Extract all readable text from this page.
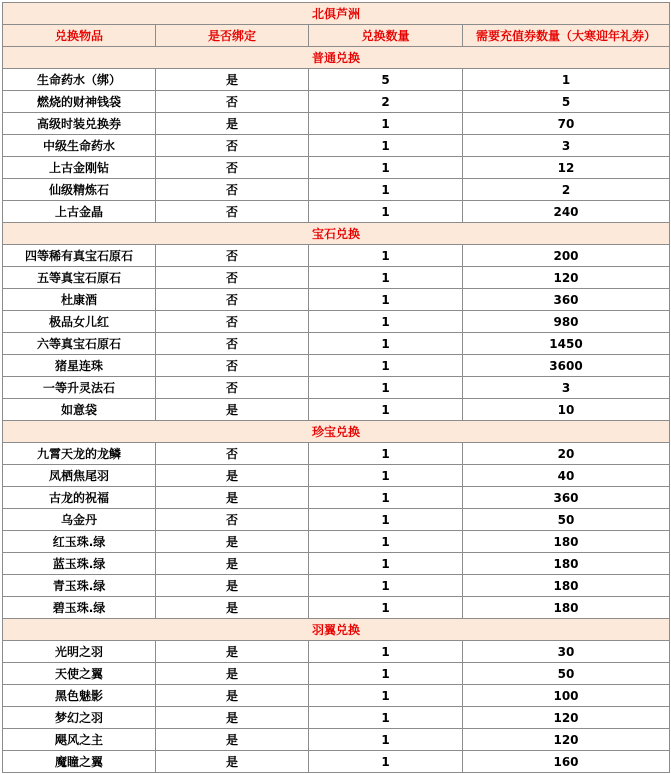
北俱芦洲			
兑换物品	是否绑定	兑换数量	需要充值券数量（大寒迎年礼券）
普通兑换			
生命药水（绑）	是	5	1
燃烧的财神钱袋	否	2	5
高级时装兑换券	是	1	70
中级生命药水	否	1	3
上古金刚钻	否	1	12
仙级精炼石	否	1	2
上古金晶	否	1	240
宝石兑换			
四等稀有真宝石原石	否	1	200
五等真宝石原石	否	1	120
杜康酒	否	1	360
极品女儿红	否	1	980
六等真宝石原石	否	1	1450
猪星连珠	否	1	3600
一等升灵法石	否	1	3
如意袋	是	1	10
珍宝兑换			
九霄天龙的龙鳞	否	1	20
凤栖焦尾羽	是	1	40
古龙的祝福	是	1	360
乌金丹	否	1	50
红玉珠.绿	是	1	180
蓝玉珠.绿	是	1	180
青玉珠.绿	是	1	180
碧玉珠.绿	是	1	180
羽翼兑换			
光明之羽	是	1	30
天使之翼	是	1	50
黑色魅影	是	1	100
梦幻之羽	是	1	120
飓风之主	是	1	120
魔瞳之翼	是	1	160
